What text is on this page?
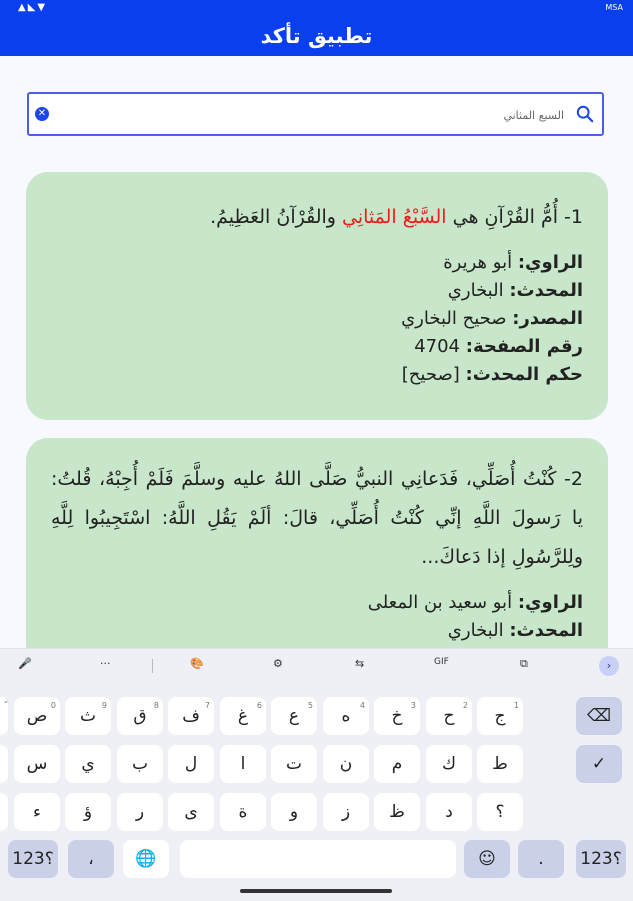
▲◣▼	MSA
تطبيق تأكد
✕
السبع المثاني
1- أُمُّ القُرْآنِ هي السَّبْعُ المَثانِي والقُرْآنُ العَظِيمُ.
الراوي: أبو هريرة
المحدث: البخاري
المصدر: صحيح البخاري
رقم الصفحة: 4704
حكم المحدث: [صحيح]
2- كُنْتُ أُصَلِّي، فَدَعانِي النبيُّ صَلَّى اللهُ عليه وسلَّمَ فَلَمْ أُجِبْهُ، قُلتُ: يا رَسولَ اللَّهِ إنِّي كُنْتُ أُصَلِّي، قالَ: ألَمْ يَقُلِ اللَّهُ: اسْتَجِيبُوا لِلَّهِ ولِلرَّسُولِ إذا دَعاكَ...
الراوي: أبو سعيد بن المعلى
المحدث: البخاري
🎤	···	🎨	⚙	⇆	GIF	⧉	›
ج
1
ح
2
خ
3
ه
4
ع
5
غ
6
ف
7
ق
8
ث
9
ص
0
ط
ك
م
ن
ت
ا
ل
ب
ي
س
؟
د
ظ
ز
و
ة
ى
ر
ؤ
ء
⌫
✓
؟123
.
☺
🌐
،
؟123
